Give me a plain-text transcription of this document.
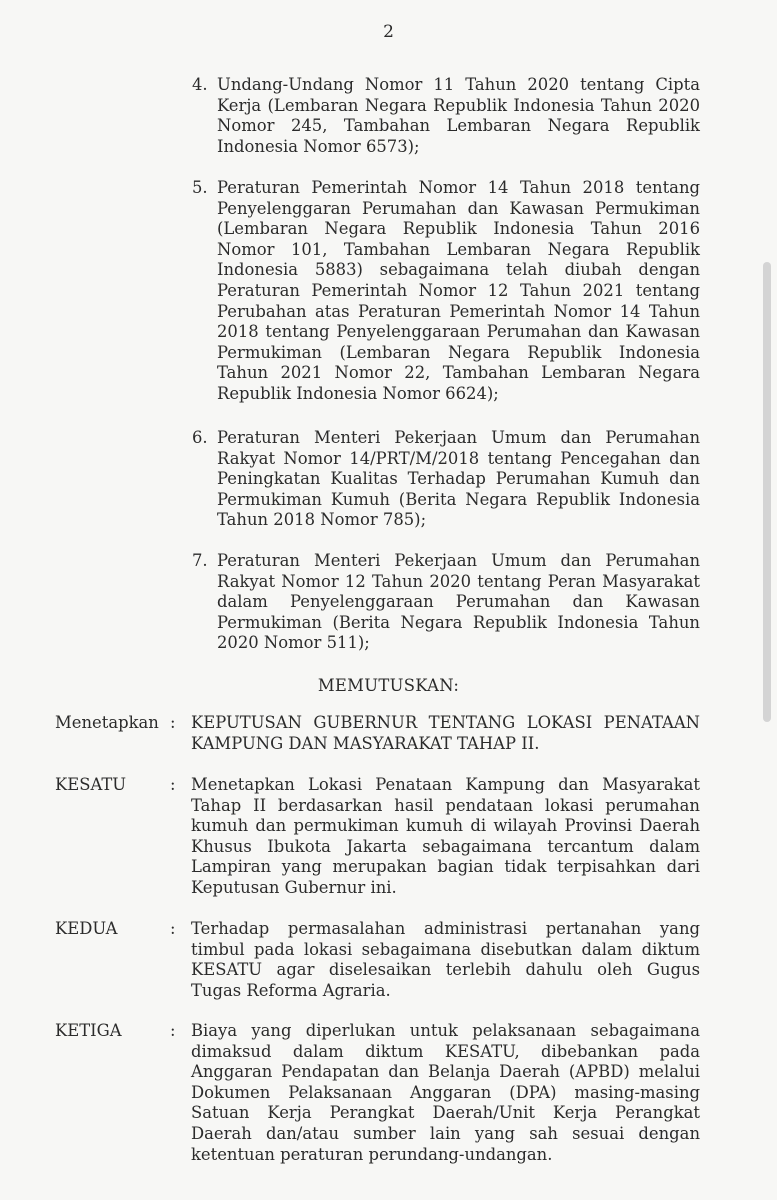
2
4. Undang-Undang Nomor 11 Tahun 2020 tentang Cipta Kerja (Lembaran Negara Republik Indonesia Tahun 2020 Nomor 245, Tambahan Lembaran Negara Republik Indonesia Nomor 6573);
5. Peraturan Pemerintah Nomor 14 Tahun 2018 tentang Penyelenggaran Perumahan dan Kawasan Permukiman (Lembaran Negara Republik Indonesia Tahun 2016 Nomor 101, Tambahan Lembaran Negara Republik Indonesia 5883) sebagaimana telah diubah dengan Peraturan Pemerintah Nomor 12 Tahun 2021 tentang Perubahan atas Peraturan Pemerintah Nomor 14 Tahun 2018 tentang Penyelenggaraan Perumahan dan Kawasan Permukiman (Lembaran Negara Republik Indonesia Tahun 2021 Nomor 22, Tambahan Lembaran Negara Republik Indonesia Nomor 6624);
6. Peraturan Menteri Pekerjaan Umum dan Perumahan Rakyat Nomor 14/PRT/M/2018 tentang Pencegahan dan Peningkatan Kualitas Terhadap Perumahan Kumuh dan Permukiman Kumuh (Berita Negara Republik Indonesia Tahun 2018 Nomor 785);
7. Peraturan Menteri Pekerjaan Umum dan Perumahan Rakyat Nomor 12 Tahun 2020 tentang Peran Masyarakat dalam Penyelenggaraan Perumahan dan Kawasan Permukiman (Berita Negara Republik Indonesia Tahun 2020 Nomor 511);
MEMUTUSKAN:
Menetapkan : KEPUTUSAN GUBERNUR TENTANG LOKASI PENATAAN KAMPUNG DAN MASYARAKAT TAHAP II.
KESATU	: Menetapkan Lokasi Penataan Kampung dan Masyarakat Tahap II berdasarkan hasil pendataan lokasi perumahan kumuh dan permukiman kumuh di wilayah Provinsi Daerah Khusus Ibukota Jakarta sebagaimana tercantum dalam Lampiran yang merupakan bagian tidak terpisahkan dari Keputusan Gubernur ini.
KEDUA	: Terhadap permasalahan administrasi pertanahan yang timbul pada lokasi sebagaimana disebutkan dalam diktum KESATU agar diselesaikan terlebih dahulu oleh Gugus Tugas Reforma Agraria.
KETIGA	: Biaya yang diperlukan untuk pelaksanaan sebagaimana dimaksud dalam diktum KESATU, dibebankan pada Anggaran Pendapatan dan Belanja Daerah (APBD) melalui Dokumen Pelaksanaan Anggaran (DPA) masing-masing Satuan Kerja Perangkat Daerah/Unit Kerja Perangkat Daerah dan/atau sumber lain yang sah sesuai dengan ketentuan peraturan perundang-undangan.
